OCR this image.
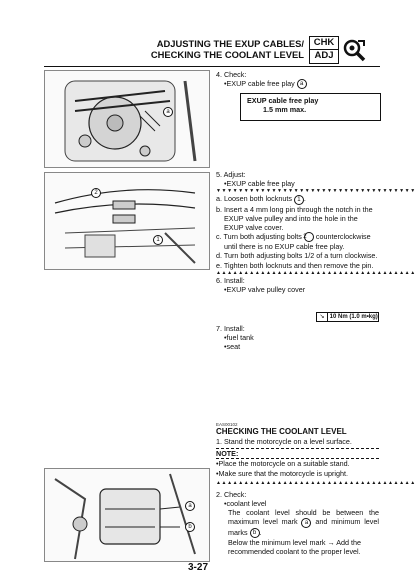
ADJUSTING THE EXUP CABLES/
CHECKING THE COOLANT LEVEL
CHK
ADJ
a
4. Check:
•EXUP cable free play a
EXUP cable free play
1.5 mm max.
2
1
5. Adjust:
•EXUP cable free play
▼▼▼▼▼▼▼▼▼▼▼▼▼▼▼▼▼▼▼▼▼▼▼▼▼▼▼▼▼▼▼▼▼▼▼▼
a. Loosen both locknuts 1 .
b. Insert a 4 mm long pin through the notch in the EXUP valve pulley and into the hole in the EXUP valve cover.
c. Turn both adjusting bolts 2 counterclockwise until there is no EXUP cable free play.
d. Turn both adjusting bolts 1/2 of a turn clockwise.
e. Tighten both locknuts and then remove the pin.
▲▲▲▲▲▲▲▲▲▲▲▲▲▲▲▲▲▲▲▲▲▲▲▲▲▲▲▲▲▲▲▲▲▲▲▲
6. Install:
•EXUP valve pulley cover
↘ 10 Nm (1.0 m•kg)
7. Install:
•fuel tank
•seat
EAS00102
CHECKING THE COOLANT LEVEL
1. Stand the motorcycle on a level surface.
NOTE:
•Place the motorcycle on a suitable stand.
•Make sure that the motorcycle is upright.
▲▲▲▲▲▲▲▲▲▲▲▲▲▲▲▲▲▲▲▲▲▲▲▲▲▲▲▲▲▲▲▲▲▲▲▲
2. Check:
•coolant level
The coolant level should be between the maximum level mark a and minimum level marks b .
Below the minimum level mark → Add the recommended coolant to the proper level.
a
b
3-27
